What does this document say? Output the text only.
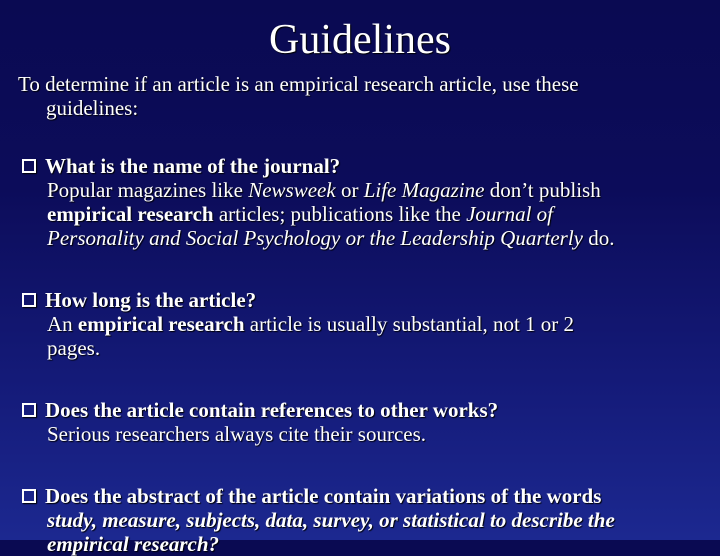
Guidelines
To determine if an article is an empirical research article, use these
guidelines:
What is the name of the journal?
Popular magazines like Newsweek or Life Magazine don’t publish
empirical research articles; publications like the Journal of
Personality and Social Psychology or the Leadership Quarterly do.
How long is the article?
An empirical research article is usually substantial, not 1 or 2
pages.
Does the article contain references to other works?
Serious researchers always cite their sources.
Does the abstract of the article contain variations of the words
study, measure, subjects, data, survey, or statistical to describe the
empirical research?
